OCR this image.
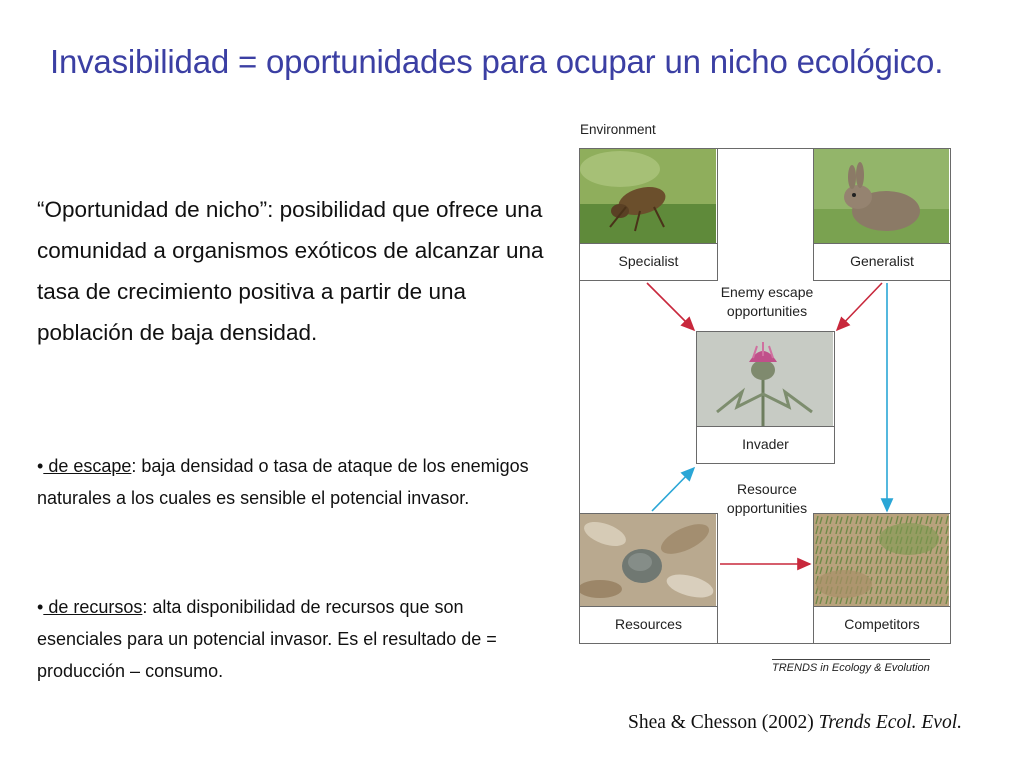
Invasibilidad = oportunidades para ocupar un nicho ecológico.
“Oportunidad de nicho”: posibilidad que ofrece una comunidad a organismos exóticos de alcanzar una tasa de crecimiento positiva a partir de una población de baja densidad.
• de escape: baja densidad o tasa de ataque de los enemigos naturales a los cuales es sensible el potencial invasor.
• de recursos: alta disponibilidad de recursos que son esenciales para un potencial invasor. Es el resultado de = producción – consumo.
Environment
Specialist	Generalist
Invader
Resources	Competitors
Enemy escape opportunities
Resource opportunities
TRENDS in Ecology & Evolution
Shea & Chesson (2002) Trends Ecol. Evol.
